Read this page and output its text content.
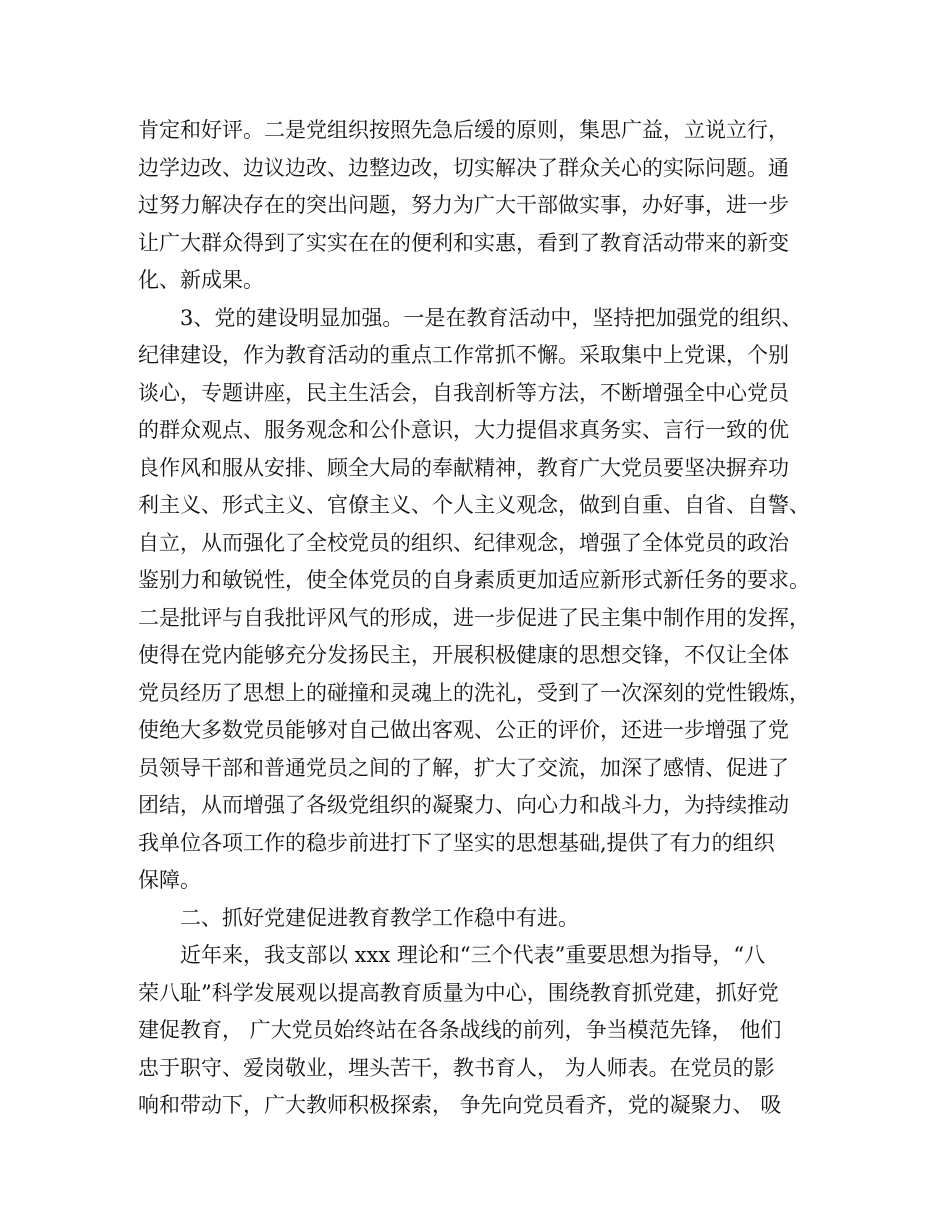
肯定和好评。二是党组织按照先急后缓的原则，集思广益，立说立行，
边学边改、边议边改、边整边改，切实解决了群众关心的实际问题。通
过努力解决存在的突出问题，努力为广大干部做实事，办好事，进一步
让广大群众得到了实实在在的便利和实惠，看到了教育活动带来的新变
化、新成果。
3、党的建设明显加强。一是在教育活动中，坚持把加强党的组织、
纪律建设，作为教育活动的重点工作常抓不懈。采取集中上党课，个别
谈心，专题讲座，民主生活会，自我剖析等方法，不断增强全中心党员
的群众观点、服务观念和公仆意识，大力提倡求真务实、言行一致的优
良作风和服从安排、顾全大局的奉献精神，教育广大党员要坚决摒弃功
利主义、形式主义、官僚主义、个人主义观念，做到自重、自省、自警、
自立，从而强化了全校党员的组织、纪律观念，增强了全体党员的政治
鉴别力和敏锐性，使全体党员的自身素质更加适应新形式新任务的要求。
二是批评与自我批评风气的形成，进一步促进了民主集中制作用的发挥，
使得在党内能够充分发扬民主，开展积极健康的思想交锋，不仅让全体
党员经历了思想上的碰撞和灵魂上的洗礼，受到了一次深刻的党性锻炼，
使绝大多数党员能够对自己做出客观、公正的评价，还进一步增强了党
员领导干部和普通党员之间的了解，扩大了交流，加深了感情、促进了
团结，从而增强了各级党组织的凝聚力、向心力和战斗力，为持续推动
我单位各项工作的稳步前进打下了坚实的思想基础,提供了有力的组织
保障。
二、抓好党建促进教育教学工作稳中有进。
近年来，我支部以 xxx 理论和“三个代表”重要思想为指导，“八
荣八耻”科学发展观以提高教育质量为中心，围绕教育抓党建，抓好党
建促教育， 广大党员始终站在各条战线的前列，争当模范先锋， 他们
忠于职守、爱岗敬业，埋头苦干，教书育人， 为人师表。在党员的影
响和带动下，广大教师积极探索， 争先向党员看齐，党的凝聚力、 吸
